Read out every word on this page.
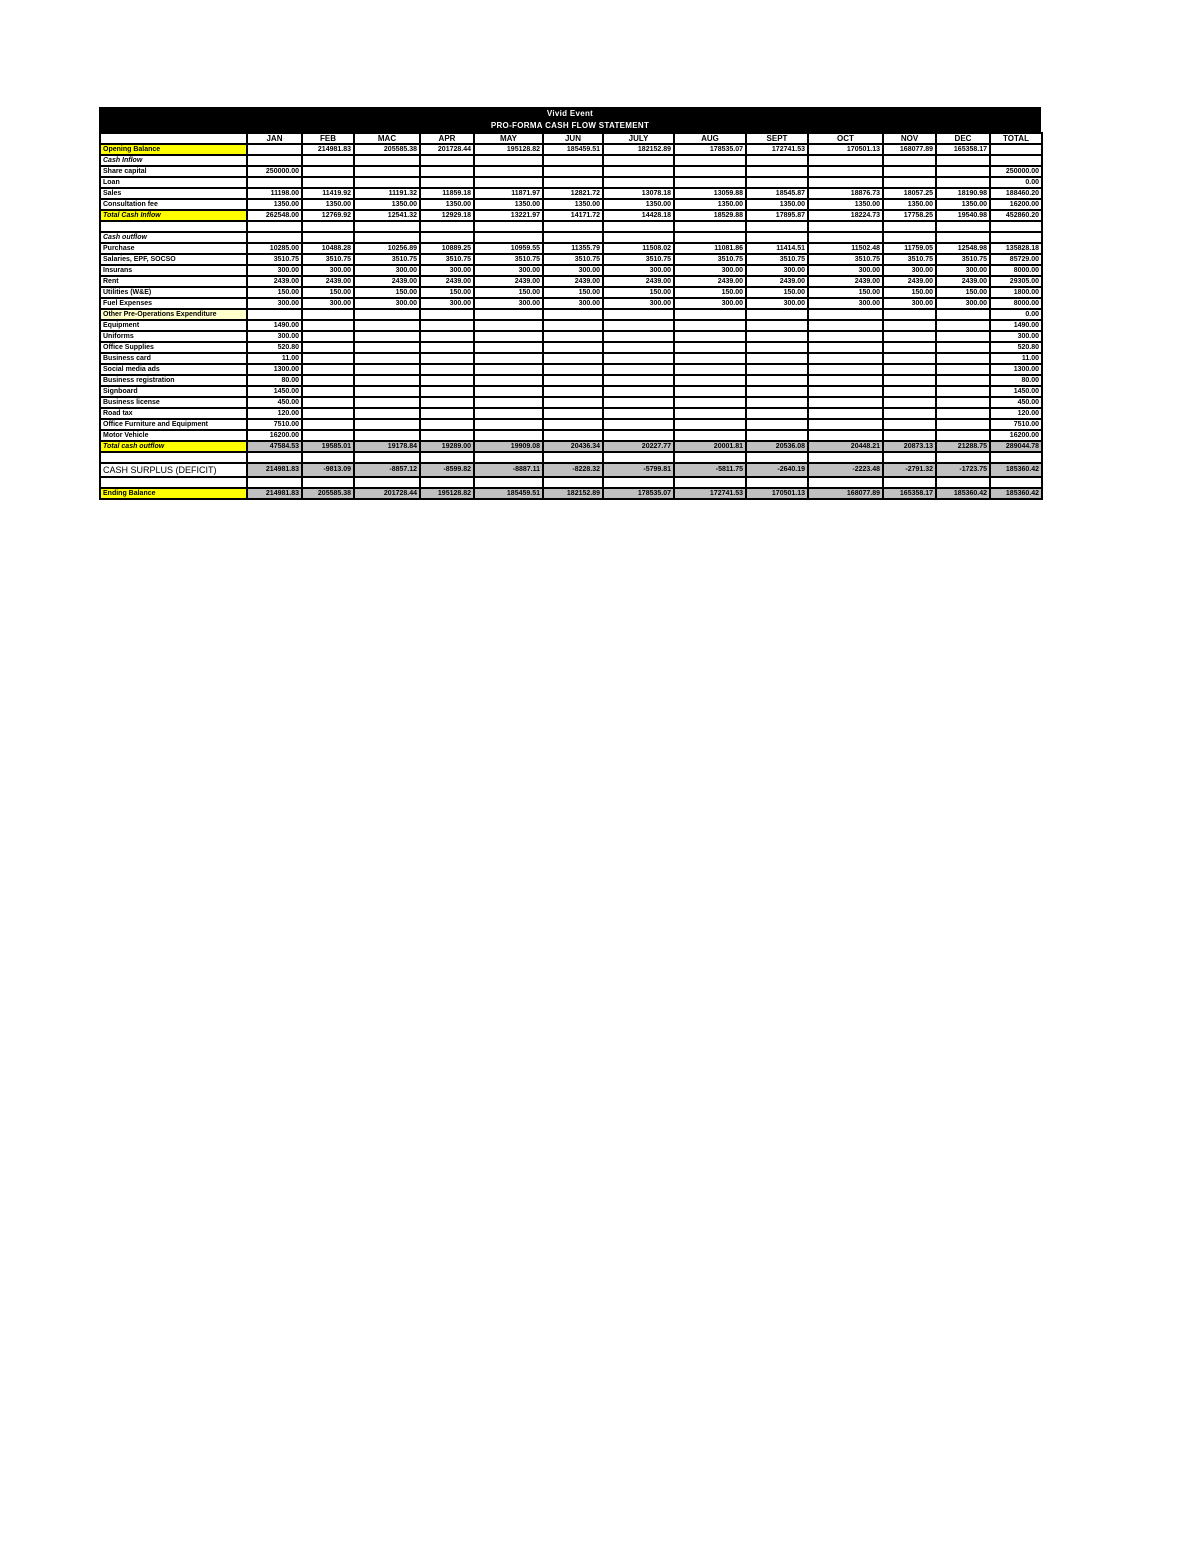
Vivid Event
PRO-FORMA CASH FLOW STATEMENT
	JAN	FEB	MAC	APR	MAY	JUN	JULY	AUG	SEPT	OCT	NOV	DEC	TOTAL
Opening Balance		214981.83	205585.38	201728.44	195128.82	185459.51	182152.89	178535.07	172741.53	170501.13	168077.89	165358.17	
Cash Inflow													
Share capital	250000.00												250000.00
Loan													0.00
Sales	11198.00	11419.92	11191.32	11859.18	11871.97	12821.72	13078.18	13059.88	18545.87	18876.73	18057.25	18190.98	188460.20
Consultation fee	1350.00	1350.00	1350.00	1350.00	1350.00	1350.00	1350.00	1350.00	1350.00	1350.00	1350.00	1350.00	16200.00
Total Cash Inflow	262548.00	12769.92	12541.32	12929.18	13221.97	14171.72	14428.18	18529.88	17895.87	18224.73	17758.25	19540.98	452860.20

Cash outflow													
Purchase	10285.00	10488.28	10256.89	10889.25	10959.55	11355.79	11508.02	11081.86	11414.51	11502.48	11759.05	12548.98	135828.18
Salaries, EPF, SOCSO	3510.75	3510.75	3510.75	3510.75	3510.75	3510.75	3510.75	3510.75	3510.75	3510.75	3510.75	3510.75	85729.00
Insurans	300.00	300.00	300.00	300.00	300.00	300.00	300.00	300.00	300.00	300.00	300.00	300.00	8000.00
Rent	2439.00	2439.00	2439.00	2439.00	2439.00	2439.00	2439.00	2439.00	2439.00	2439.00	2439.00	2439.00	29305.00
Utilities (W&E)	150.00	150.00	150.00	150.00	150.00	150.00	150.00	150.00	150.00	150.00	150.00	150.00	1800.00
Fuel Expenses	300.00	300.00	300.00	300.00	300.00	300.00	300.00	300.00	300.00	300.00	300.00	300.00	8000.00
Other Pre-Operations Expenditure													0.00
Equipment	1490.00												1490.00
Uniforms	300.00												300.00
Office Supplies	520.80												520.80
Business card	11.00												11.00
Social media ads	1300.00												1300.00
Business registration	80.00												80.00
Signboard	1450.00												1450.00
Business license	450.00												450.00
Road tax	120.00												120.00
Office Furniture and Equipment	7510.00												7510.00
Motor Vehicle	16200.00												16200.00
Total cash outflow	47584.53	19585.01	19178.84	19289.00	19909.08	20436.34	20227.77	20001.81	20536.08	20448.21	20873.13	21288.75	289044.78

CASH SURPLUS (DEFICIT)	214981.83	-9813.09	-8857.12	-8599.82	-8887.11	-8228.32	-5799.81	-5811.75	-2640.19	-2223.48	-2791.32	-1723.75	185360.42

Ending Balance	214981.83	205585.38	201728.44	195128.82	185459.51	182152.89	178535.07	172741.53	170501.13	168077.89	165358.17	185360.42	185360.42
